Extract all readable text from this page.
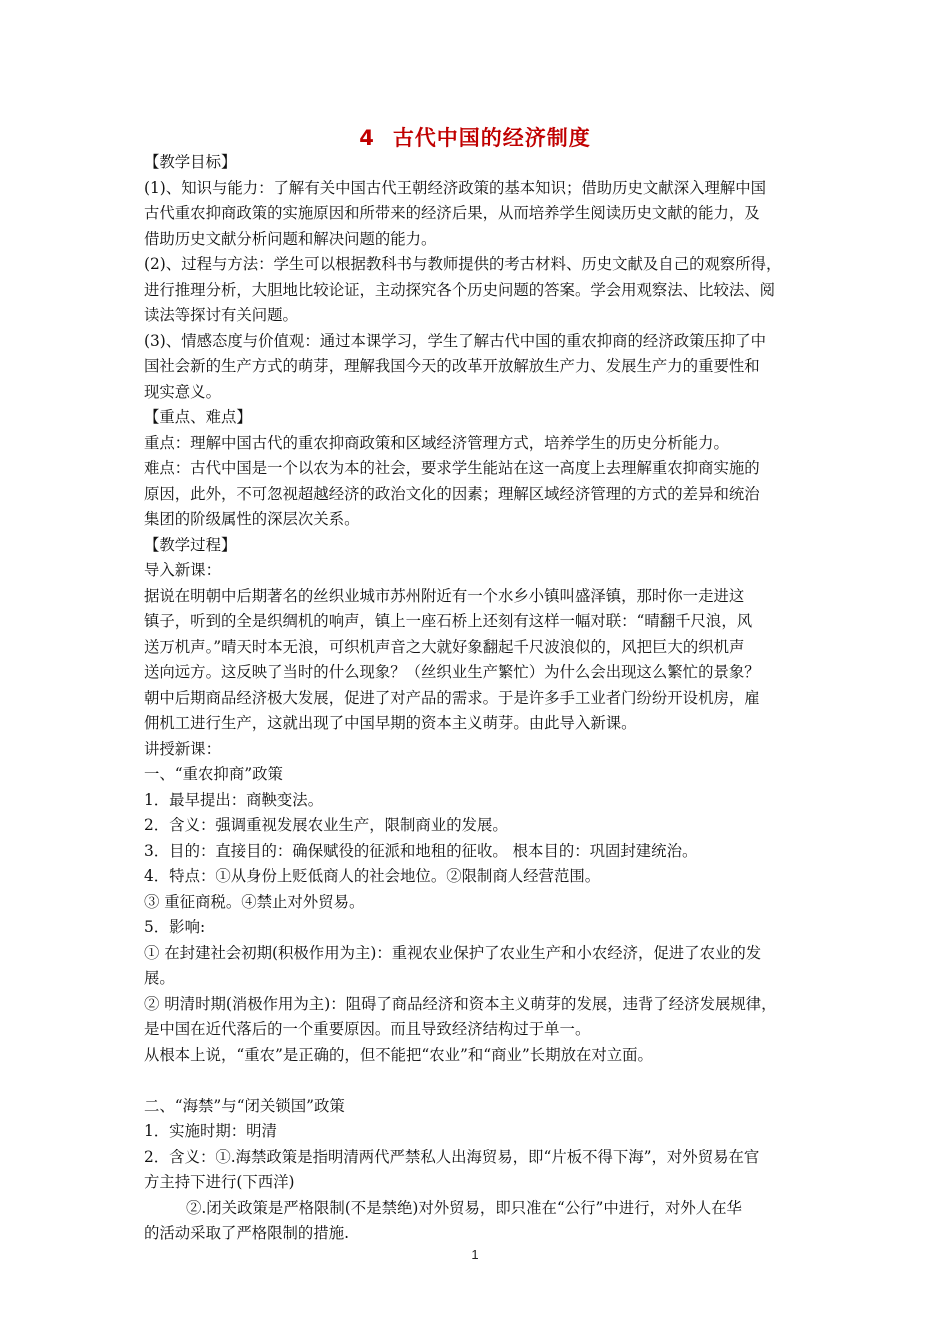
4 古代中国的经济制度
【教学目标】
(1)、知识与能力：了解有关中国古代王朝经济政策的基本知识；借助历史文献深入理解中国
古代重农抑商政策的实施原因和所带来的经济后果，从而培养学生阅读历史文献的能力，及
借助历史文献分析问题和解决问题的能力。
(2)、过程与方法：学生可以根据教科书与教师提供的考古材料、历史文献及自己的观察所得，
进行推理分析，大胆地比较论证，主动探究各个历史问题的答案。学会用观察法、比较法、阅
读法等探讨有关问题。
(3)、情感态度与价值观：通过本课学习，学生了解古代中国的重农抑商的经济政策压抑了中
国社会新的生产方式的萌芽，理解我国今天的改革开放解放生产力、发展生产力的重要性和
现实意义。
【重点、难点】
重点：理解中国古代的重农抑商政策和区域经济管理方式，培养学生的历史分析能力。
难点：古代中国是一个以农为本的社会，要求学生能站在这一高度上去理解重农抑商实施的
原因，此外，不可忽视超越经济的政治文化的因素；理解区域经济管理的方式的差异和统治
集团的阶级属性的深层次关系。
【教学过程】
导入新课：
据说在明朝中后期著名的丝织业城市苏州附近有一个水乡小镇叫盛泽镇，那时你一走进这
镇子，听到的全是织绸机的响声，镇上一座石桥上还刻有这样一幅对联：“晴翻千尺浪，风
送万机声。”晴天时本无浪，可织机声音之大就好象翻起千尺波浪似的，风把巨大的织机声
送向远方。这反映了当时的什么现象？（丝织业生产繁忙）为什么会出现这么繁忙的景象？
朝中后期商品经济极大发展，促进了对产品的需求。于是许多手工业者门纷纷开设机房，雇
佣机工进行生产，这就出现了中国早期的资本主义萌芽。由此导入新课。
讲授新课：
一、“重农抑商”政策
1．最早提出：商鞅变法。
2．含义：强调重视发展农业生产，限制商业的发展。
3．目的：直接目的：确保赋役的征派和地租的征收。 根本目的：巩固封建统治。
4．特点：①从身份上贬低商人的社会地位。②限制商人经营范围。
③ 重征商税。④禁止对外贸易。
5．影响:
① 在封建社会初期(积极作用为主)：重视农业保护了农业生产和小农经济，促进了农业的发
展。
② 明清时期(消极作用为主)：阻碍了商品经济和资本主义萌芽的发展，违背了经济发展规律，
是中国在近代落后的一个重要原因。而且导致经济结构过于单一。
从根本上说，“重农”是正确的，但不能把“农业”和“商业”长期放在对立面。
二、“海禁”与“闭关锁国”政策
1．实施时期：明清
2．含义：①.海禁政策是指明清两代严禁私人出海贸易，即“片板不得下海”，对外贸易在官
方主持下进行(下西洋)
②.闭关政策是严格限制(不是禁绝)对外贸易，即只准在“公行”中进行，对外人在华
的活动采取了严格限制的措施.
1
